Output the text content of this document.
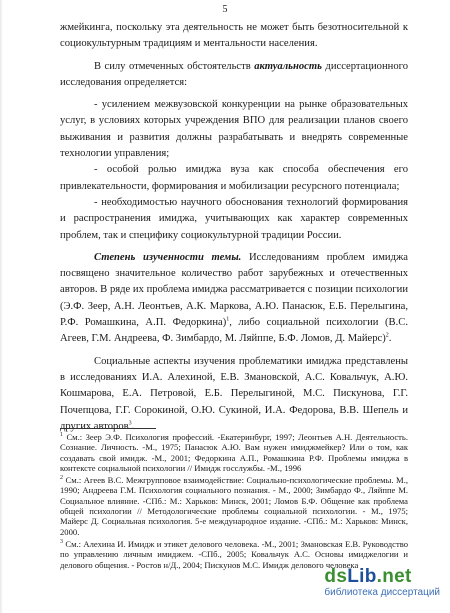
5

жмейкинга, поскольку эта деятельность не может быть безотносительной к социокультурным традициям и ментальности населения.

В силу отмеченных обстоятельств актуальность диссертационного исследования определяется:

- усилением межвузовской конкуренции на рынке образовательных услуг, в условиях которых учреждения ВПО для реализации планов своего выживания и развития должны разрабатывать и внедрять современные технологии управления;

- особой ролью имиджа вуза как способа обеспечения его привлекательности, формирования и мобилизации ресурсного потенциала;

- необходимостью научного обоснования технологий формирования и распространения имиджа, учитывающих как характер современных проблем, так и специфику социокультурной традиции России.

Степень изученности темы. Исследованиям проблем имиджа посвящено значительное количество работ зарубежных и отечественных авторов. В ряде их проблема имиджа рассматривается с позиции психологии (Э.Ф. Зеер, А.Н. Леонтьев, А.К. Маркова, А.Ю. Панасюк, Е.Б. Перелыгина, Р.Ф. Ромашкина, А.П. Федоркина)$^1$, либо социальной психологии (В.С. Агеев, Г.М. Андреева, Ф. Зимбардо, М. Ляйппе, Б.Ф. Ломов, Д. Майерс)$^2$.

Социальные аспекты изучения проблематики имиджа представлены в исследованиях И.А. Алехиной, Е.В. Змановской, А.С. Ковальчук, А.Ю. Кошмарова, Е.А. Петровой, Е.Б. Перелыгиной, М.С. Пискунова, Г.Г. Почепцова, Г.Г. Сорокиной, О.Ю. Сукиной, И.А. Федорова, В.В. Шепель и других авторов$^3$.

$^1$ См.: Зеер Э.Ф. Психология профессий. -Екатеринбург, 1997; Леонтьев А.Н. Деятельность. Сознание. Личность. -М., 1975; Панасюк А.Ю. Вам нужен имиджмейкер? Или о том, как создавать свой имидж. -М., 2001; Федоркина А.П., Ромашкина Р.Ф. Проблемы имиджа в контексте социальной психологии // Имидж госслужбы. -М., 1996

$^2$ См.: Агеев В.С. Межгрупповое взаимодействие: Социально-психологические проблемы. М., 1990; Андреева Г.М. Психология социального познания. - М., 2000; Зимбардо Ф., Ляйппе М. Социальное влияние. -СПб.: М.: Харьков: Минск, 2001; Ломов Б.Ф. Общение как проблема общей психологии // Методологические проблемы социальной психологии. - М., 1975; Майерс Д. Социальная психология. 5-е международное издание. -СПб.: М.: Харьков: Минск, 2000.

$^3$ См.: Алехина И. Имидж и этикет делового человека. -М., 2001; Змановская Е.В. Руководство по управлению личным имиджем. -СПб., 2005; Ковальчук А.С. Основы имиджелогии и делового общения. - Ростов н/Д., 2004; Пискунов М.С. Имидж делового человека

dsLib.net
библиотека диссертаций
